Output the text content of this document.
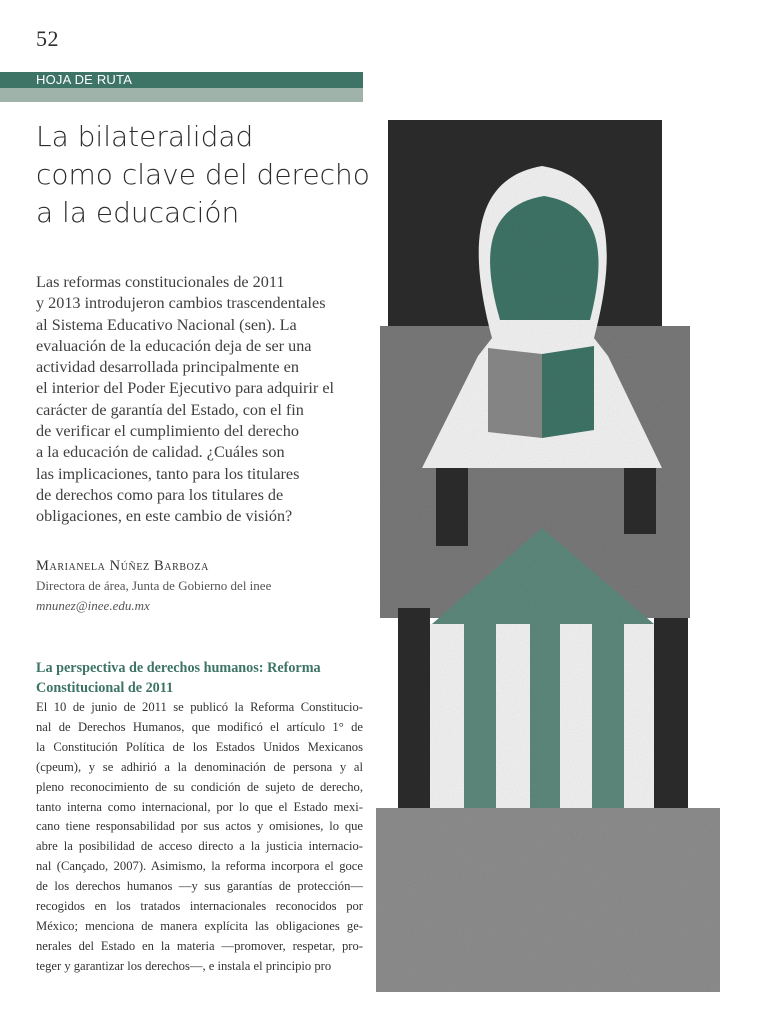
52
HOJA DE RUTA
La bilateralidad
como clave del derecho
a la educación
Las reformas constitucionales de 2011
y 2013 introdujeron cambios trascendentales
al Sistema Educativo Nacional (sen). La
evaluación de la educación deja de ser una
actividad desarrollada principalmente en
el interior del Poder Ejecutivo para adquirir el
carácter de garantía del Estado, con el fin
de verificar el cumplimiento del derecho
a la educación de calidad. ¿Cuáles son
las implicaciones, tanto para los titulares
de derechos como para los titulares de
obligaciones, en este cambio de visión?
Marianela Núñez Barboza
Directora de área, Junta de Gobierno del inee
mnunez@inee.edu.mx
La perspectiva de derechos humanos: Reforma
Constitucional de 2011
El 10 de junio de 2011 se publicó la Reforma Constitucio-
nal de Derechos Humanos, que modificó el artículo 1° de
la Constitución Política de los Estados Unidos Mexicanos
(cpeum), y se adhirió a la denominación de persona y al
pleno reconocimiento de su condición de sujeto de derecho,
tanto interna como internacional, por lo que el Estado mexi-
cano tiene responsabilidad por sus actos y omisiones, lo que
abre la posibilidad de acceso directo a la justicia internacio-
nal (Cançado, 2007). Asimismo, la reforma incorpora el goce
de los derechos humanos —y sus garantías de protección—
recogidos en los tratados internacionales reconocidos por
México; menciona de manera explícita las obligaciones ge-
nerales del Estado en la materia —promover, respetar, pro-
teger y garantizar los derechos—, e instala el principio pro
